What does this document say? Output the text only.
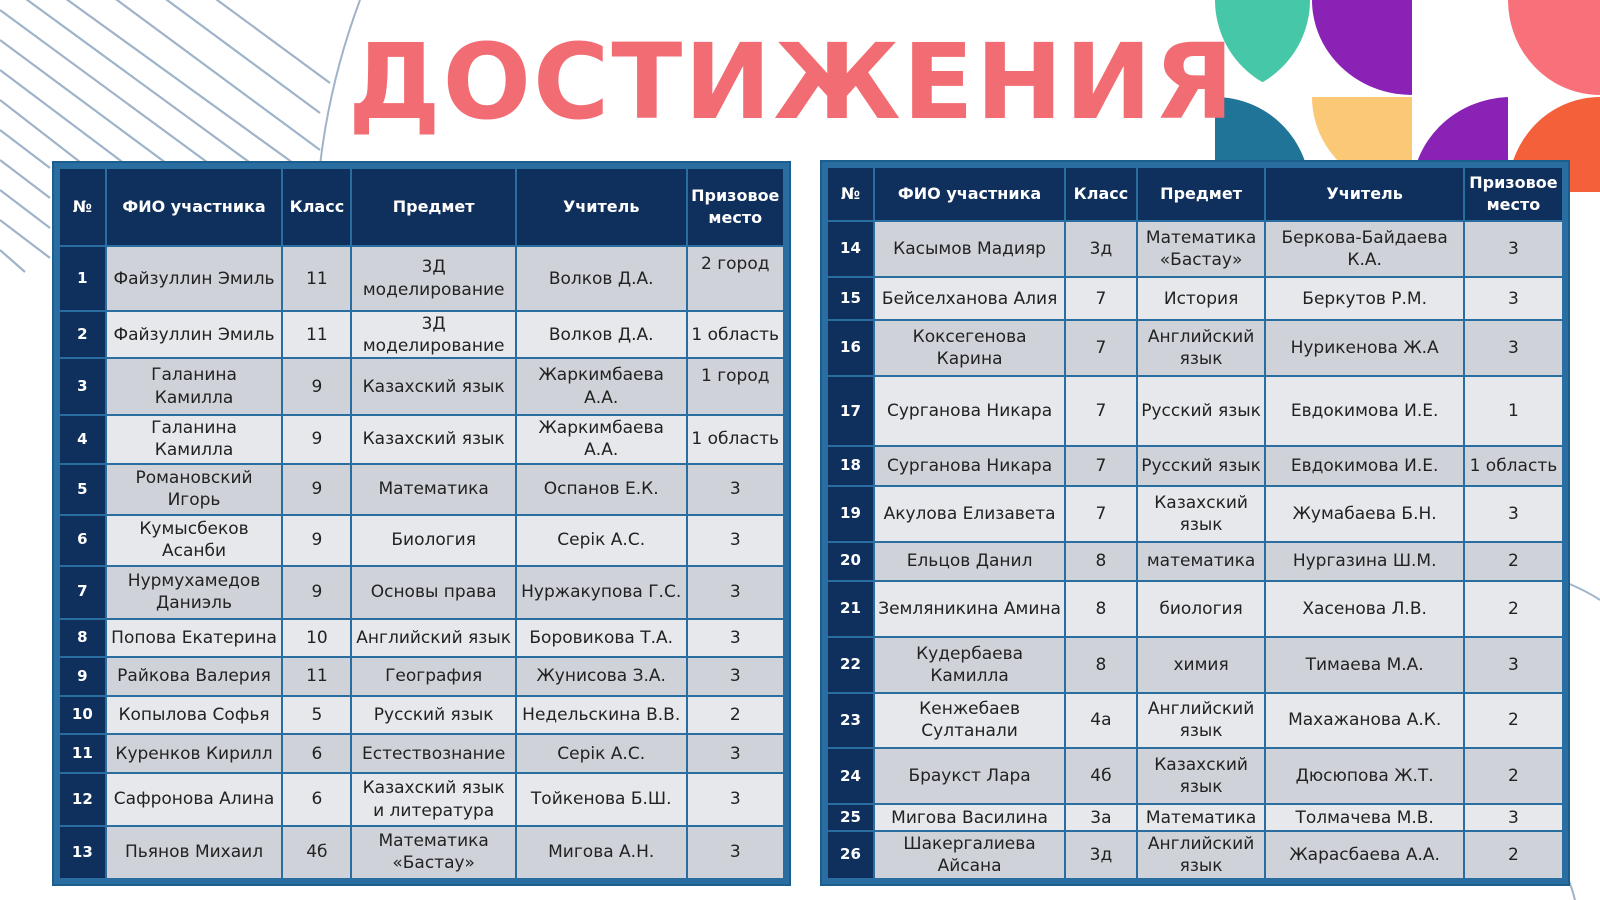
ДОСТИЖЕНИЯ
№	ФИО участника	Класс	Предмет	Учитель	Призовое место
1	Файзуллин Эмиль	11	3Д моделирование	Волков Д.А.	2 город
2	Файзуллин Эмиль	11	3Д моделирование	Волков Д.А.	1 область
3	Галанина Камилла	9	Казахский язык	Жаркимбаева А.А.	1 город
4	Галанина Камилла	9	Казахский язык	Жаркимбаева А.А.	1 область
5	Романовский Игорь	9	Математика	Оспанов Е.К.	3
6	Кумысбеков Асанби	9	Биология	Серік А.С.	3
7	Нурмухамедов Даниэль	9	Основы права	Нуржакупова Г.С.	3
8	Попова Екатерина	10	Английский язык	Боровикова Т.А.	3
9	Райкова Валерия	11	География	Жунисова З.А.	3
10	Копылова Софья	5	Русский язык	Недельскина В.В.	2
11	Куренков Кирилл	6	Естествознание	Серік А.С.	3
12	Сафронова Алина	6	Казахский язык и литература	Тойкенова Б.Ш.	3
13	Пьянов Михаил	4б	Математика «Бастау»	Мигова А.Н.	3
№	ФИО участника	Класс	Предмет	Учитель	Призовое место
14	Касымов Мадияр	3д	Математика «Бастау»	Беркова-Байдаева К.А.	3
15	Бейселханова Алия	7	История	Беркутов Р.М.	3
16	Коксегенова Карина	7	Английский язык	Нурикенова Ж.А	3
17	Сурганова Никара	7	Русский язык	Евдокимова И.Е.	1
18	Сурганова Никара	7	Русский язык	Евдокимова И.Е.	1 область
19	Акулова Елизавета	7	Казахский язык	Жумабаева Б.Н.	3
20	Ельцов Данил	8	математика	Нургазина Ш.М.	2
21	Земляникина Амина	8	биология	Хасенова Л.В.	2
22	Кудербаева Камилла	8	химия	Тимаева М.А.	3
23	Кенжебаев Султанали	4а	Английский язык	Махажанова А.К.	2
24	Браукст Лара	4б	Казахский язык	Дюсюпова Ж.Т.	2
25	Мигова Василина	3а	Математика	Толмачева М.В.	3
26	Шакергалиева Айсана	3д	Английский язык	Жарасбаева А.А.	2
